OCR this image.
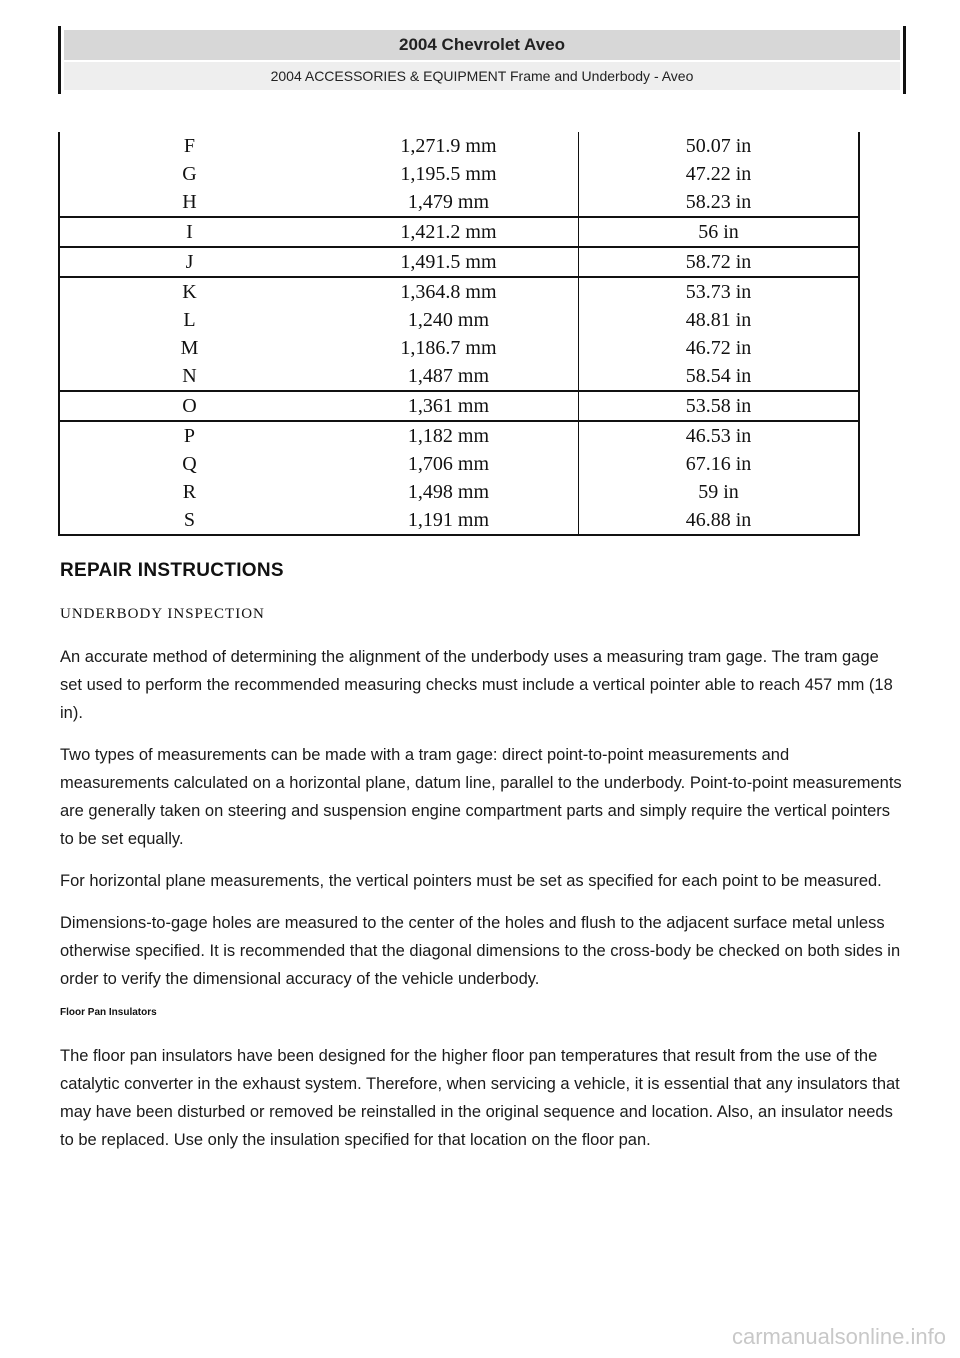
2004 Chevrolet Aveo
2004 ACCESSORIES & EQUIPMENT Frame and Underbody - Aveo
F	1,271.9 mm	50.07 in
G	1,195.5 mm	47.22 in
H	1,479 mm	58.23 in
I	1,421.2 mm	56 in
J	1,491.5 mm	58.72 in
K	1,364.8 mm	53.73 in
L	1,240 mm	48.81 in
M	1,186.7 mm	46.72 in
N	1,487 mm	58.54 in
O	1,361 mm	53.58 in
P	1,182 mm	46.53 in
Q	1,706 mm	67.16 in
R	1,498 mm	59 in
S	1,191 mm	46.88 in
REPAIR INSTRUCTIONS
UNDERBODY INSPECTION

An accurate method of determining the alignment of the underbody uses a measuring tram gage. The tram gage set used to perform the recommended measuring checks must include a vertical pointer able to reach 457 mm (18 in).

Two types of measurements can be made with a tram gage: direct point-to-point measurements and measurements calculated on a horizontal plane, datum line, parallel to the underbody. Point-to-point measurements are generally taken on steering and suspension engine compartment parts and simply require the vertical pointers to be set equally.

For horizontal plane measurements, the vertical pointers must be set as specified for each point to be measured.

Dimensions-to-gage holes are measured to the center of the holes and flush to the adjacent surface metal unless otherwise specified. It is recommended that the diagonal dimensions to the cross-body be checked on both sides in order to verify the dimensional accuracy of the vehicle underbody.

Floor Pan Insulators

The floor pan insulators have been designed for the higher floor pan temperatures that result from the use of the catalytic converter in the exhaust system. Therefore, when servicing a vehicle, it is essential that any insulators that may have been disturbed or removed be reinstalled in the original sequence and location. Also, an insulator needs to be replaced. Use only the insulation specified for that location on the floor pan.

carmanualsonline.info
